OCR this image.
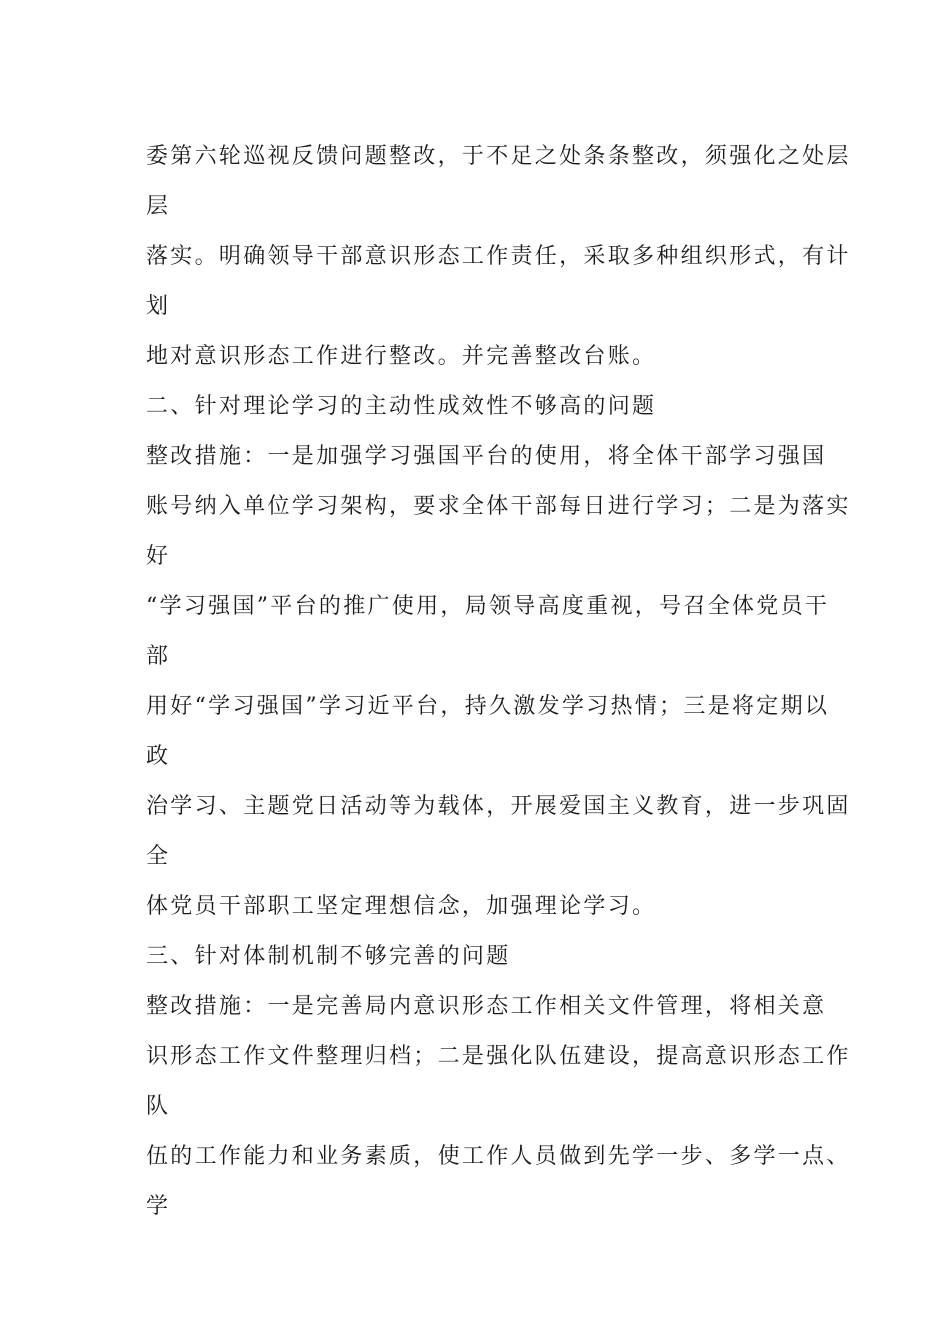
委第六轮巡视反馈问题整改，于不足之处条条整改，须强化之处层
层
落实。明确领导干部意识形态工作责任，采取多种组织形式，有计
划
地对意识形态工作进行整改。并完善整改台账。
二、针对理论学习的主动性成效性不够高的问题
整改措施：一是加强学习强国平台的使用，将全体干部学习强国
账号纳入单位学习架构，要求全体干部每日进行学习；二是为落实
好
“学习强国”平台的推广使用，局领导高度重视，号召全体党员干
部
用好“学习强国”学习近平台，持久激发学习热情；三是将定期以
政
治学习、主题党日活动等为载体，开展爱国主义教育，进一步巩固
全
体党员干部职工坚定理想信念，加强理论学习。
三、针对体制机制不够完善的问题
整改措施：一是完善局内意识形态工作相关文件管理，将相关意
识形态工作文件整理归档；二是强化队伍建设，提高意识形态工作
队
伍的工作能力和业务素质，使工作人员做到先学一步、多学一点、
学
